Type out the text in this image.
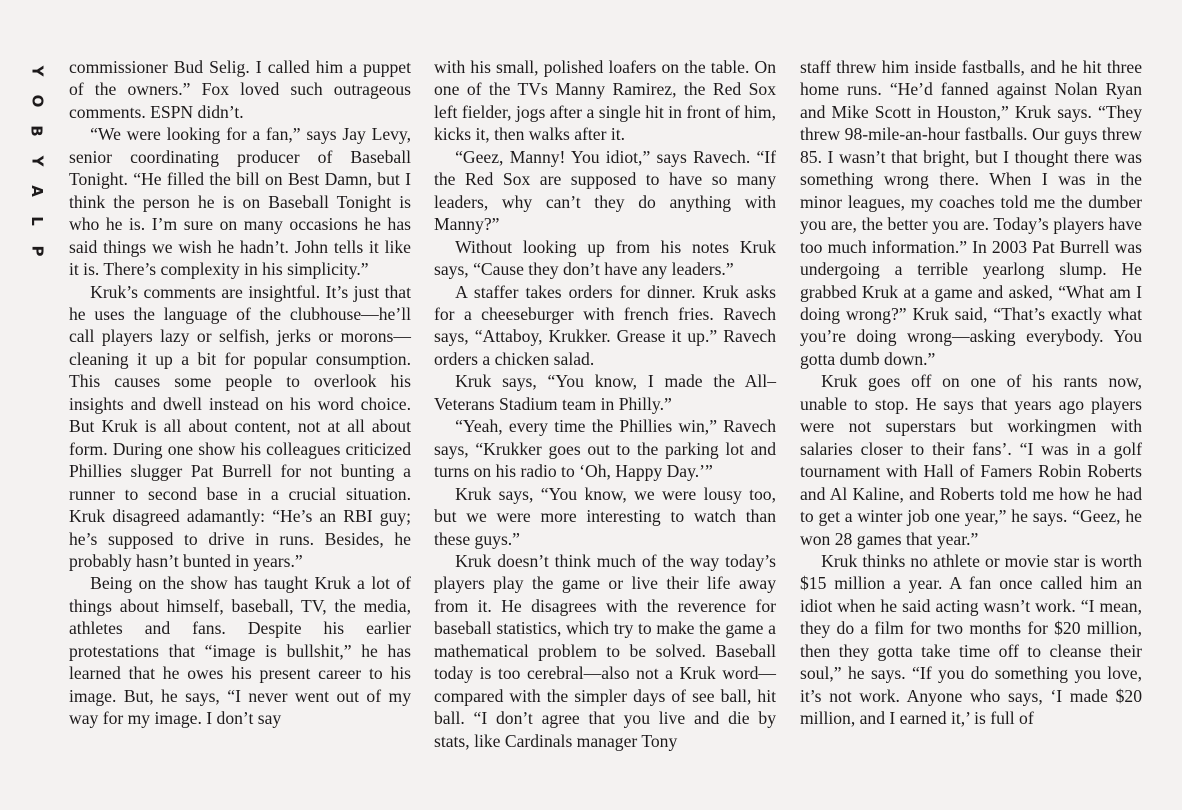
Y
O
B
Y
A
L
P

commissioner Bud Selig. I called him a puppet of the owners.” Fox loved such outrageous comments. ESPN didn’t.

“We were looking for a fan,” says Jay Levy, senior coordinating producer of Baseball Tonight. “He filled the bill on Best Damn, but I think the person he is on Baseball Tonight is who he is. I’m sure on many occasions he has said things we wish he hadn’t. John tells it like it is. There’s complexity in his simplicity.”

Kruk’s comments are insightful. It’s just that he uses the language of the clubhouse—he’ll call players lazy or selfish, jerks or morons—cleaning it up a bit for popular consumption. This causes some people to overlook his insights and dwell instead on his word choice. But Kruk is all about content, not at all about form. During one show his colleagues criticized Phillies slugger Pat Burrell for not bunting a runner to second base in a crucial situation. Kruk disagreed adamantly: “He’s an RBI guy; he’s supposed to drive in runs. Besides, he probably hasn’t bunted in years.”

Being on the show has taught Kruk a lot of things about himself, baseball, TV, the media, athletes and fans. Despite his earlier protestations that “image is bullshit,” he has learned that he owes his present career to his image. But, he says, “I never went out of my way for my image. I don’t say

with his small, polished loafers on the table. On one of the TVs Manny Ramirez, the Red Sox left fielder, jogs after a single hit in front of him, kicks it, then walks after it.

“Geez, Manny! You idiot,” says Ravech. “If the Red Sox are supposed to have so many leaders, why can’t they do anything with Manny?”

Without looking up from his notes Kruk says, “Cause they don’t have any leaders.”

A staffer takes orders for dinner. Kruk asks for a cheeseburger with french fries. Ravech says, “Attaboy, Krukker. Grease it up.” Ravech orders a chicken salad.

Kruk says, “You know, I made the All–Veterans Stadium team in Philly.”

“Yeah, every time the Phillies win,” Ravech says, “Krukker goes out to the parking lot and turns on his radio to ‘Oh, Happy Day.’”

Kruk says, “You know, we were lousy too, but we were more interesting to watch than these guys.”

Kruk doesn’t think much of the way today’s players play the game or live their life away from it. He disagrees with the reverence for baseball statistics, which try to make the game a mathematical problem to be solved. Baseball today is too cerebral—also not a Kruk word—compared with the simpler days of see ball, hit ball. “I don’t agree that you live and die by stats, like Cardinals manager Tony

staff threw him inside fastballs, and he hit three home runs. “He’d fanned against Nolan Ryan and Mike Scott in Houston,” Kruk says. “They threw 98-mile-an-hour fastballs. Our guys threw 85. I wasn’t that bright, but I thought there was something wrong there. When I was in the minor leagues, my coaches told me the dumber you are, the better you are. Today’s players have too much information.” In 2003 Pat Burrell was undergoing a terrible yearlong slump. He grabbed Kruk at a game and asked, “What am I doing wrong?” Kruk said, “That’s exactly what you’re doing wrong—asking everybody. You gotta dumb down.”

Kruk goes off on one of his rants now, unable to stop. He says that years ago players were not superstars but workingmen with salaries closer to their fans’. “I was in a golf tournament with Hall of Famers Robin Roberts and Al Kaline, and Roberts told me how he had to get a winter job one year,” he says. “Geez, he won 28 games that year.”

Kruk thinks no athlete or movie star is worth $15 million a year. A fan once called him an idiot when he said acting wasn’t work. “I mean, they do a film for two months for $20 million, then they gotta take time off to cleanse their soul,” he says. “If you do something you love, it’s not work. Anyone who says, ‘I made $20 million, and I earned it,’ is full of
